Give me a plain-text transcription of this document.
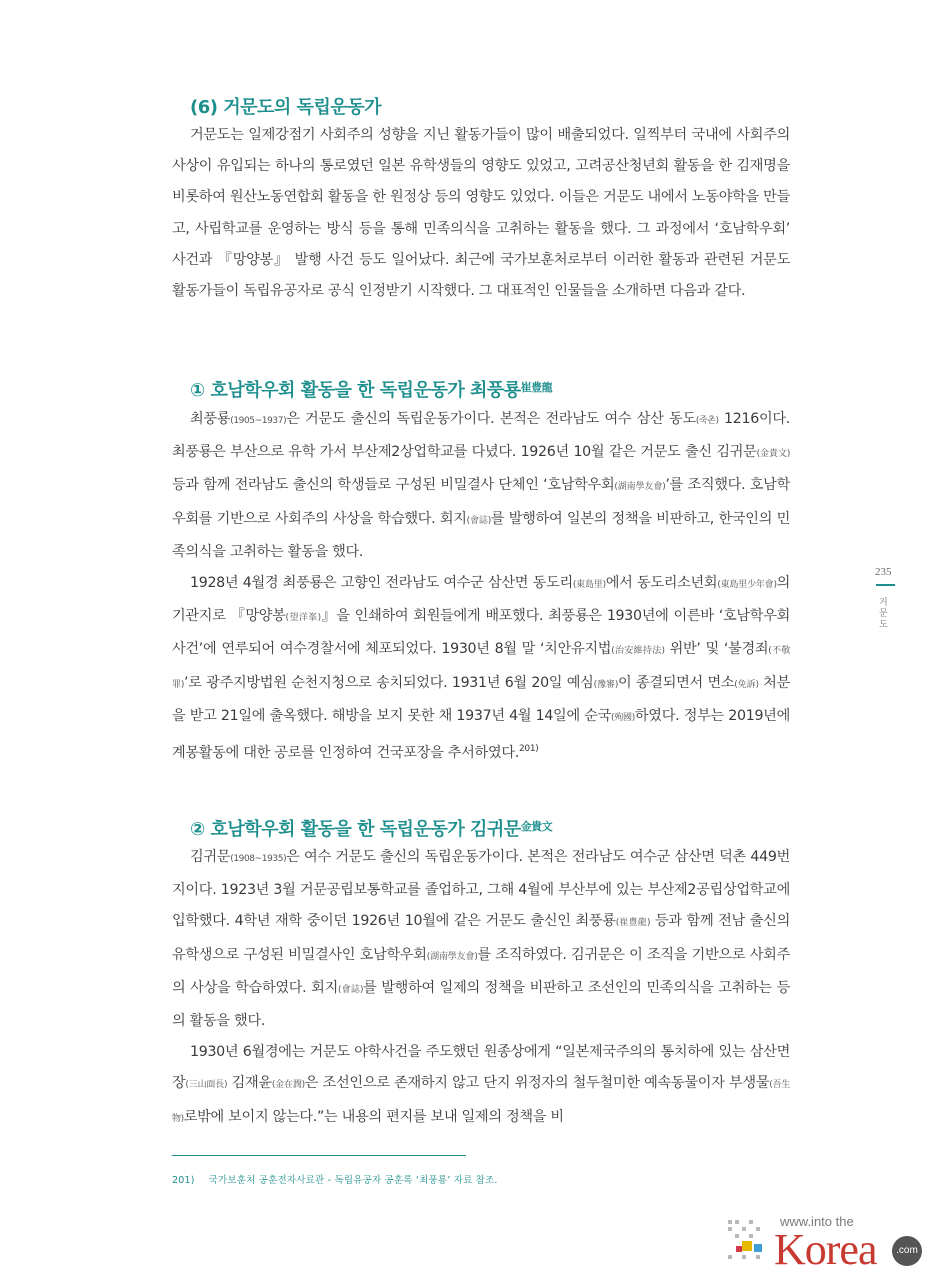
(6) 거문도의 독립운동가

거문도는 일제강점기 사회주의 성향을 지닌 활동가들이 많이 배출되었다. 일찍부터 국내에 사회주의 사상이 유입되는 하나의 통로였던 일본 유학생들의 영향도 있었고, 고려공산청년회 활동을 한 김재명을 비롯하여 원산노동연합회 활동을 한 원정상 등의 영향도 있었다. 이들은 거문도 내에서 노동야학을 만들고, 사립학교를 운영하는 방식 등을 통해 민족의식을 고취하는 활동을 했다. 그 과정에서 ‘호남학우회’ 사건과 『망양봉』 발행 사건 등도 일어났다. 최근에 국가보훈처로부터 이러한 활동과 관련된 거문도 활동가들이 독립유공자로 공식 인정받기 시작했다. 그 대표적인 인물들을 소개하면 다음과 같다.

① 호남학우회 활동을 한 독립운동가 최풍룡$^{崔豊龍}$

최풍룡(1905~1937)은 거문도 출신의 독립운동가이다. 본적은 전라남도 여수 삼산 동도(죽촌) 1216이다. 최풍룡은 부산으로 유학 가서 부산제2상업학교를 다녔다. 1926년 10월 같은 거문도 출신 김귀문(金貴文) 등과 함께 전라남도 출신의 학생들로 구성된 비밀결사 단체인 ‘호남학우회(湖南學友會)’를 조직했다. 호남학우회를 기반으로 사회주의 사상을 학습했다. 회지(會誌)를 발행하여 일본의 정책을 비판하고, 한국인의 민족의식을 고취하는 활동을 했다.

1928년 4월경 최풍룡은 고향인 전라남도 여수군 삼산면 동도리(東島里)에서 동도리소년회(東島里少年會)의 기관지로 『망양봉(望洋峯)』을 인쇄하여 회원들에게 배포했다. 최풍룡은 1930년에 이른바 ‘호남학우회 사건’에 연루되어 여수경찰서에 체포되었다. 1930년 8월 말 ‘치안유지법(治安維持法) 위반’ 및 ‘불경죄(不敬罪)’로 광주지방법원 순천지청으로 송치되었다. 1931년 6월 20일 예심(豫審)이 종결되면서 면소(免訴) 처분을 받고 21일에 출옥했다. 해방을 보지 못한 채 1937년 4월 14일에 순국(殉國)하였다. 정부는 2019년에 계몽활동에 대한 공로를 인정하여 건국포장을 추서하였다.$^{201)}$

② 호남학우회 활동을 한 독립운동가 김귀문$^{金貴文}$

김귀문(1908~1935)은 여수 거문도 출신의 독립운동가이다. 본적은 전라남도 여수군 삼산면 덕촌 449번지이다. 1923년 3월 거문공립보통학교를 졸업하고, 그해 4월에 부산부에 있는 부산제2공립상업학교에 입학했다. 4학년 재학 중이던 1926년 10월에 같은 거문도 출신인 최풍룡(崔豊龍) 등과 함께 전남 출신의 유학생으로 구성된 비밀결사인 호남학우회(湖南學友會)를 조직하였다. 김귀문은 이 조직을 기반으로 사회주의 사상을 학습하였다. 회지(會誌)를 발행하여 일제의 정책을 비판하고 조선인의 민족의식을 고취하는 등의 활동을 했다.

1930년 6월경에는 거문도 야학사건을 주도했던 원종상에게 “일본제국주의의 통치하에 있는 삼산면장(三山面長) 김재윤(金在潤)은 조선인으로 존재하지 않고 단지 위정자의 철두철미한 예속동물이자 부생물(吾生物)로밖에 보이지 않는다.”는 내용의 편지를 보내 일제의 정책을 비

235
거문도
201) 국가보훈처 공훈전자사료관 - 독립유공자 공훈록 ‘최풍룡’ 자료 참조.
www.into the
Korea	.com
